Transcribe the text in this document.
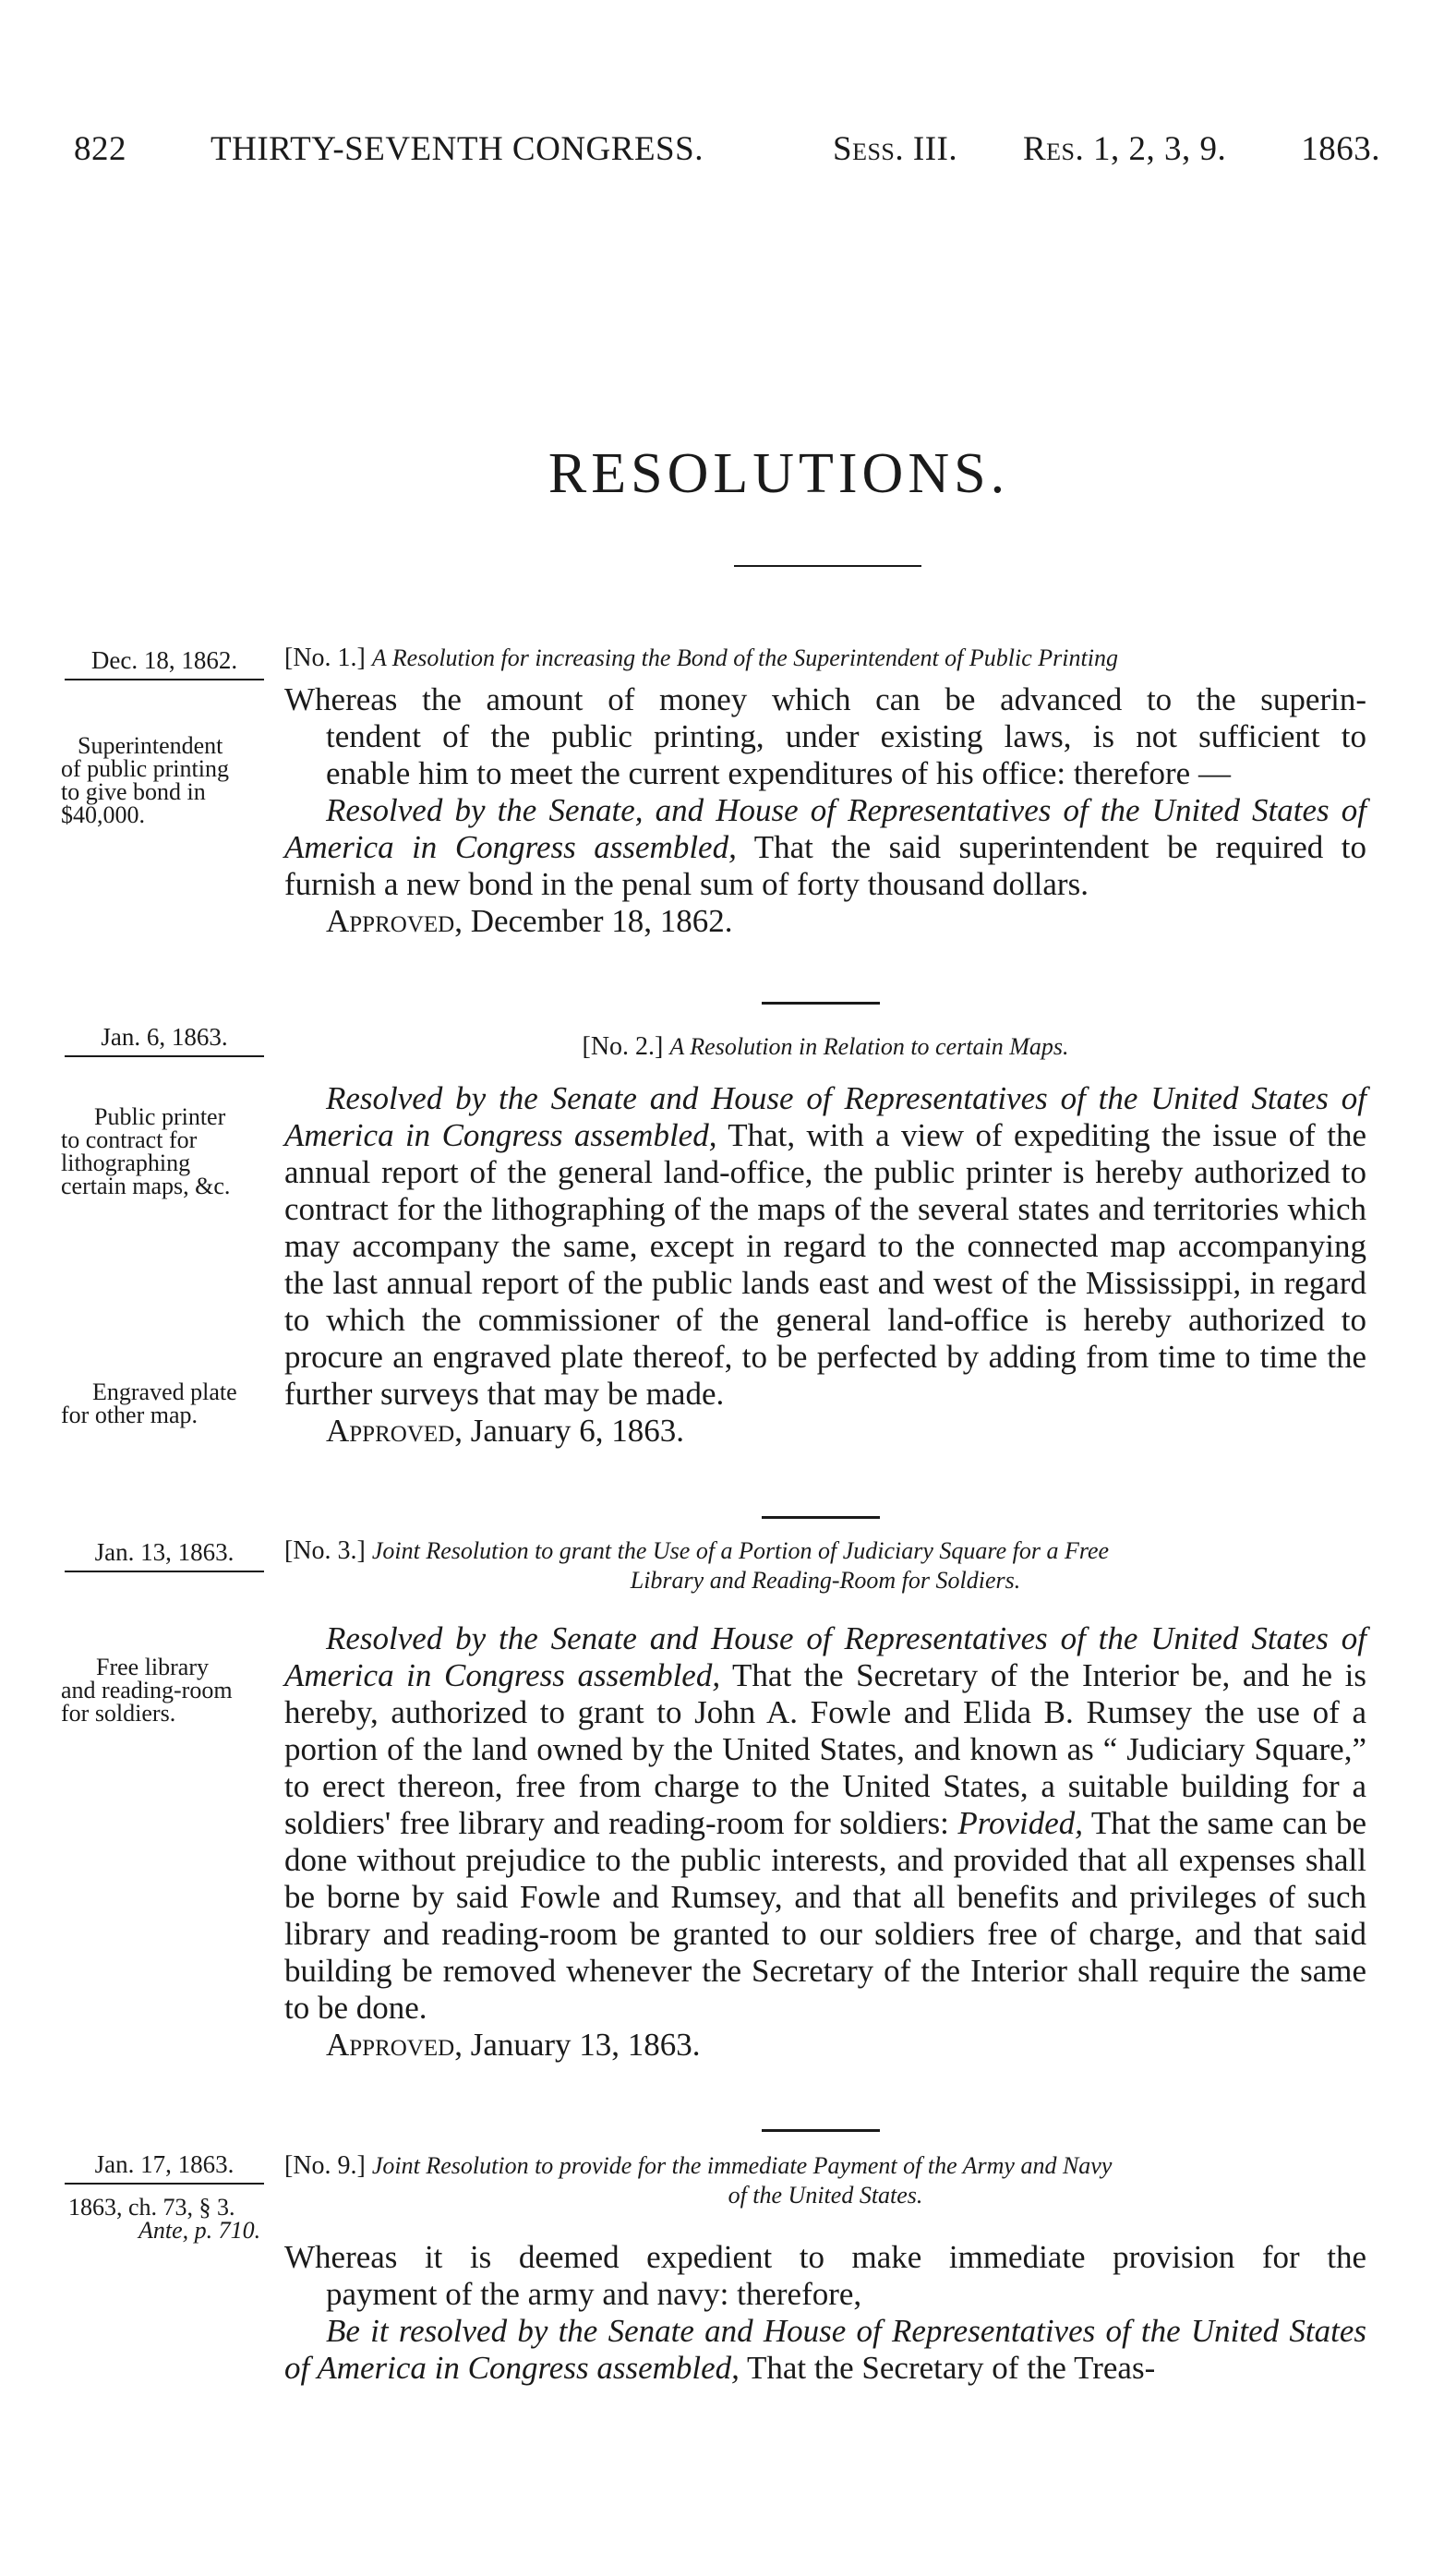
822 THIRTY-SEVENTH CONGRESS.	Sess. III. Res. 1, 2, 3, 9. 1863.
RESOLUTIONS.
Dec. 18, 1862.	[No. 1.] A Resolution for increasing the Bond of the Superintendent of Public Printing
Superintendent
of public printing
to give bond in
$40,000.

Whereas the amount of money which can be advanced to the superin-

tendent of the public printing, under existing laws, is not sufficient to

enable him to meet the current expenditures of his office: therefore —

Resolved by the Senate, and House of Representatives of the United States of America in Congress assembled, That the said superintendent be required to furnish a new bond in the penal sum of forty thousand dollars.

Approved, December 18, 1862.

Jan. 6, 1863.	[No. 2.] A Resolution in Relation to certain Maps.
Public printer
to contract for
lithographing
certain maps, &c.
Engraved plate
for other map.

Resolved by the Senate and House of Representatives of the United States of America in Congress assembled, That, with a view of expediting the issue of the annual report of the general land-office, the public printer is hereby authorized to contract for the lithographing of the maps of the several states and territories which may accompany the same, except in regard to the connected map accompanying the last annual report of the public lands east and west of the Mississippi, in regard to which the commissioner of the general land-office is hereby authorized to procure an engraved plate thereof, to be perfected by adding from time to time the further surveys that may be made.

Approved, January 6, 1863.

Jan. 13, 1863.	[No. 3.] Joint Resolution to grant the Use of a Portion of Judiciary Square for a Free
Library and Reading-Room for Soldiers.
Free library
and reading-room
for soldiers.

Resolved by the Senate and House of Representatives of the United States of America in Congress assembled, That the Secretary of the Interior be, and he is hereby, authorized to grant to John A. Fowle and Elida B. Rumsey the use of a portion of the land owned by the United States, and known as “ Judiciary Square,” to erect thereon, free from charge to the United States, a suitable building for a soldiers' free library and reading-room for soldiers: Provided, That the same can be done without prejudice to the public interests, and provided that all expenses shall be borne by said Fowle and Rumsey, and that all benefits and privileges of such library and reading-room be granted to our soldiers free of charge, and that said building be removed whenever the Secretary of the Interior shall require the same to be done.

Approved, January 13, 1863.

Jan. 17, 1863.	[No. 9.] Joint Resolution to provide for the immediate Payment of the Army and Navy
of the United States.
1863, ch. 73, § 3.
Ante, p. 710.

Whereas it is deemed expedient to make immediate provision for the

payment of the army and navy: therefore,

Be it resolved by the Senate and House of Representatives of the United States of America in Congress assembled, That the Secretary of the Treas-
